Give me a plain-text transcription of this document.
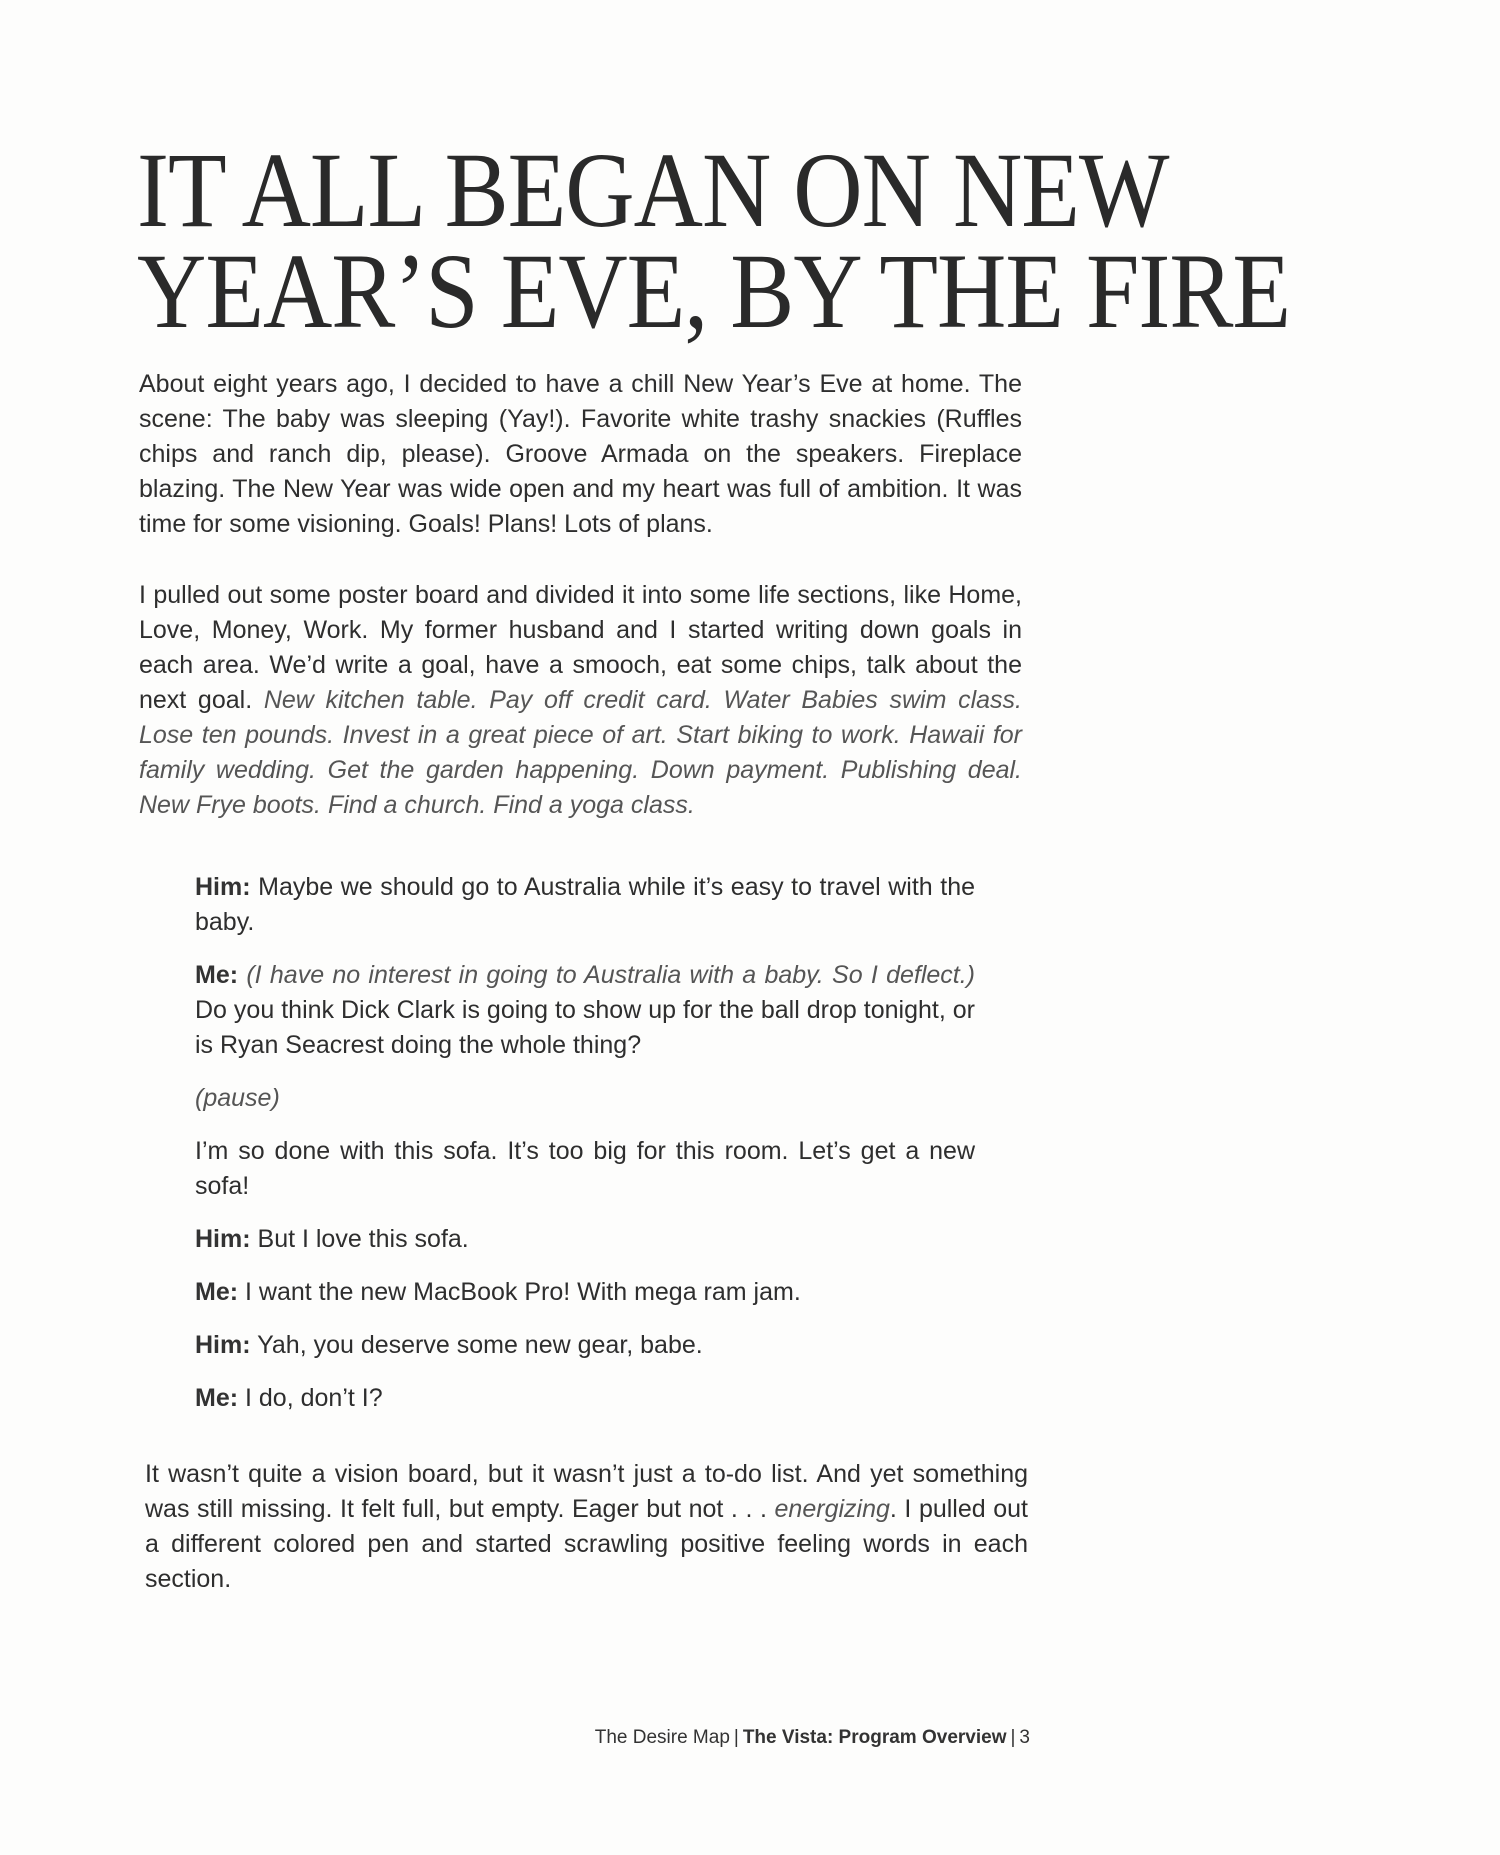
IT ALL BEGAN ON NEW
YEAR’S EVE, BY THE FIRE

About eight years ago, I decided to have a chill New Year’s Eve at home. The scene: The baby was sleeping (Yay!). Favorite white trashy snackies (Ruffles chips and ranch dip, please). Groove Armada on the speakers. Fireplace blazing. The New Year was wide open and my heart was full of ambition. It was time for some visioning. Goals! Plans! Lots of plans.

I pulled out some poster board and divided it into some life sections, like Home, Love, Money, Work. My former husband and I started writing down goals in each area. We’d write a goal, have a smooch, eat some chips, talk about the next goal. New kitchen table. Pay off credit card. Water Babies swim class. Lose ten pounds. Invest in a great piece of art. Start biking to work. Hawaii for family wedding. Get the garden happening. Down payment. Publishing deal. New Frye boots. Find a church. Find a yoga class.

Him: Maybe we should go to Australia while it’s easy to travel with the baby.

Me: (I have no interest in going to Australia with a baby. So I deflect.) Do you think Dick Clark is going to show up for the ball drop tonight, or is Ryan Seacrest doing the whole thing?

(pause)

I’m so done with this sofa. It’s too big for this room. Let’s get a new sofa!

Him: But I love this sofa.

Me: I want the new MacBook Pro! With mega ram jam.

Him: Yah, you deserve some new gear, babe.

Me: I do, don’t I?

It wasn’t quite a vision board, but it wasn’t just a to-do list. And yet something was still missing. It felt full, but empty. Eager but not . . . energizing. I pulled out a different colored pen and started scrawling positive feeling words in each section.

The Desire Map | The Vista: Program Overview | 3
